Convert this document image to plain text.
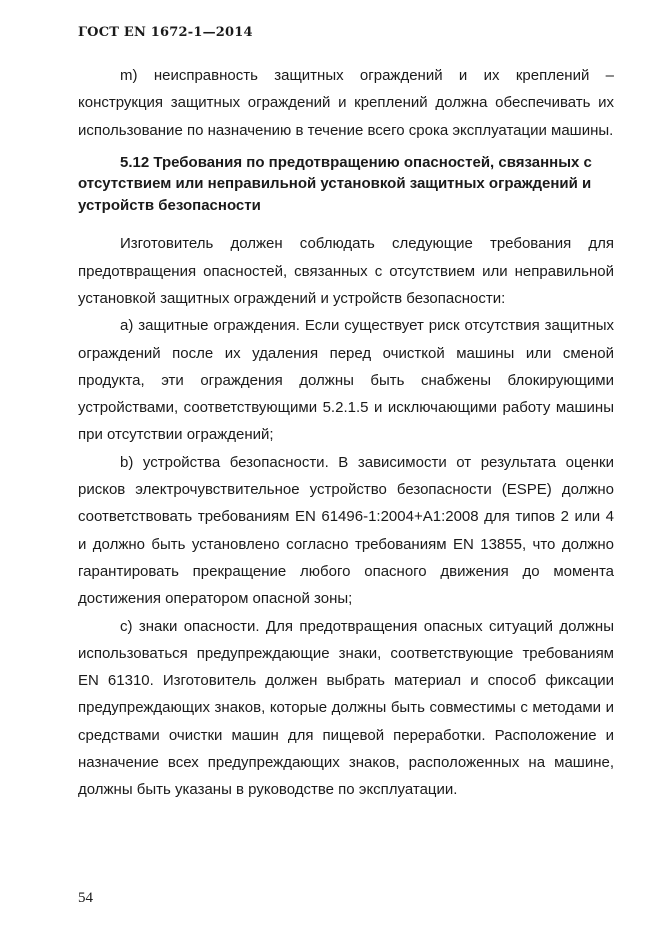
ГОСТ EN 1672-1—2014

m) неисправность защитных ограждений и их креплений – конструкция защитных ограждений и креплений должна обеспечивать их использование по назначению в течение всего срока эксплуатации машины.

5.12 Требования по предотвращению опасностей, связанных с отсутствием или неправильной установкой защитных ограждений и устройств безопасности

Изготовитель должен соблюдать следующие требования для предотвращения опасностей, связанных с отсутствием или неправильной установкой защитных ограждений и устройств безопасности:

а) защитные ограждения. Если существует риск отсутствия защитных ограждений после их удаления перед очисткой машины или сменой продукта, эти ограждения должны быть снабжены блокирующими устройствами, соответствующими 5.2.1.5 и исключающими работу машины при отсутствии ограждений;

b) устройства безопасности. В зависимости от результата оценки рисков электрочувствительное устройство безопасности (ESPE) должно соответствовать требованиям EN 61496-1:2004+A1:2008 для типов 2 или 4 и должно быть установлено согласно требованиям EN 13855, что должно гарантировать прекращение любого опасного движения до момента достижения оператором опасной зоны;

c) знаки опасности. Для предотвращения опасных ситуаций должны использоваться предупреждающие знаки, соответствующие требованиям EN 61310. Изготовитель должен выбрать материал и способ фиксации предупреждающих знаков, которые должны быть совместимы с методами и средствами очистки машин для пищевой переработки. Расположение и назначение всех предупреждающих знаков, расположенных на машине, должны быть указаны в руководстве по эксплуатации.

54
